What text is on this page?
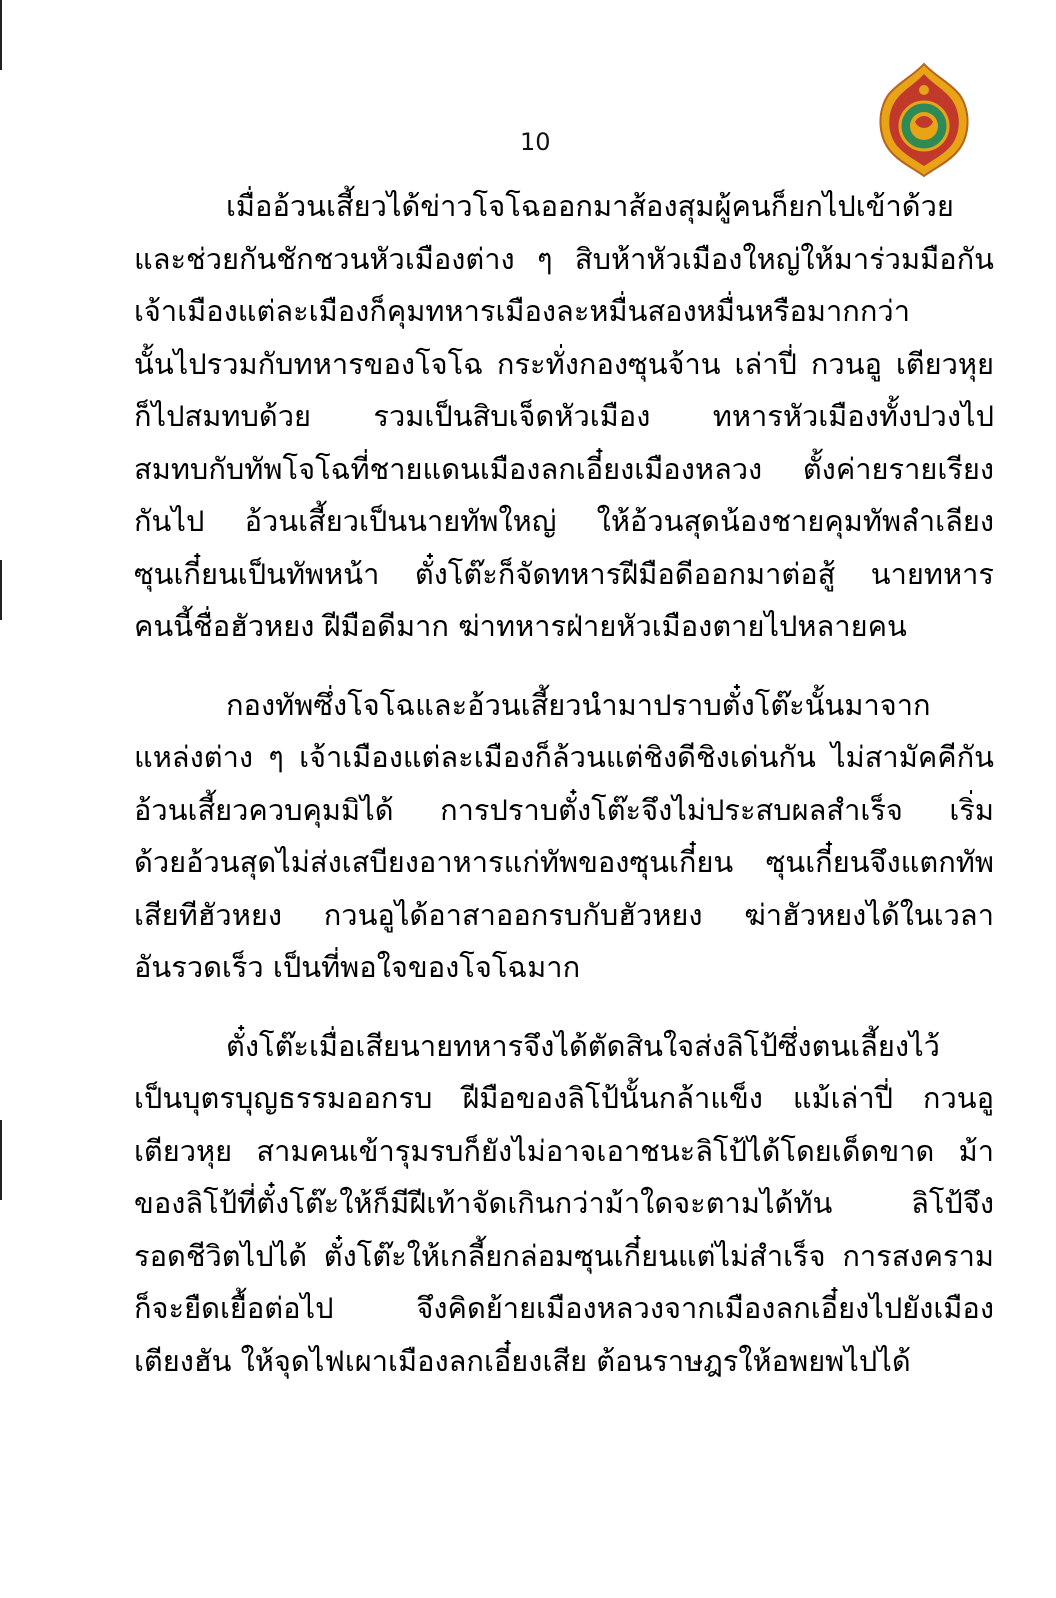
10
เมื่ออ้วนเสี้ยวได้ข่าวโจโฉออกมาส้องสุมผู้คนก็ยกไปเข้าด้วย
และช่วยกันชักชวนหัวเมืองต่าง ๆ สิบห้าหัวเมืองใหญ่ให้มาร่วมมือกัน
เจ้าเมืองแต่ละเมืองก็คุมทหารเมืองละหมื่นสองหมื่นหรือมากกว่า
นั้นไปรวมกับทหารของโจโฉ กระทั่งกองซุนจ้าน เล่าปี่ กวนอู เตียวหุย
ก็ไปสมทบด้วย รวมเป็นสิบเจ็ดหัวเมือง ทหารหัวเมืองทั้งปวงไป
สมทบกับทัพโจโฉที่ชายแดนเมืองลกเอี๋ยงเมืองหลวง ตั้งค่ายรายเรียง
กันไป อ้วนเสี้ยวเป็นนายทัพใหญ่ ให้อ้วนสุดน้องชายคุมทัพลำเลียง
ซุนเกี๋ยนเป็นทัพหน้า ตั๋งโต๊ะก็จัดทหารฝีมือดีออกมาต่อสู้ นายทหาร
คนนี้ชื่อฮัวหยง ฝีมือดีมาก ฆ่าทหารฝ่ายหัวเมืองตายไปหลายคน
กองทัพซึ่งโจโฉและอ้วนเสี้ยวนำมาปราบตั๋งโต๊ะนั้นมาจาก
แหล่งต่าง ๆ เจ้าเมืองแต่ละเมืองก็ล้วนแต่ชิงดีชิงเด่นกัน ไม่สามัคคีกัน
อ้วนเสี้ยวควบคุมมิได้ การปราบตั๋งโต๊ะจึงไม่ประสบผลสำเร็จ เริ่ม
ด้วยอ้วนสุดไม่ส่งเสบียงอาหารแก่ทัพของซุนเกี๋ยน ซุนเกี๋ยนจึงแตกทัพ
เสียทีฮัวหยง กวนอูได้อาสาออกรบกับฮัวหยง ฆ่าฮัวหยงได้ในเวลา
อันรวดเร็ว เป็นที่พอใจของโจโฉมาก
ตั๋งโต๊ะเมื่อเสียนายทหารจึงได้ตัดสินใจส่งลิโป้ซึ่งตนเลี้ยงไว้
เป็นบุตรบุญธรรมออกรบ ฝีมือของลิโป้นั้นกล้าแข็ง แม้เล่าปี่ กวนอู
เตียวหุย สามคนเข้ารุมรบก็ยังไม่อาจเอาชนะลิโป้ได้โดยเด็ดขาด ม้า
ของลิโป้ที่ตั๋งโต๊ะให้ก็มีฝีเท้าจัดเกินกว่าม้าใดจะตามได้ทัน ลิโป้จึง
รอดชีวิตไปได้ ตั๋งโต๊ะให้เกลี้ยกล่อมซุนเกี๋ยนแต่ไม่สำเร็จ การสงคราม
ก็จะยืดเยื้อต่อไป จึงคิดย้ายเมืองหลวงจากเมืองลกเอี๋ยงไปยังเมือง
เตียงฮัน ให้จุดไฟเผาเมืองลกเอี๋ยงเสีย ต้อนราษฎรให้อพยพไปได้
